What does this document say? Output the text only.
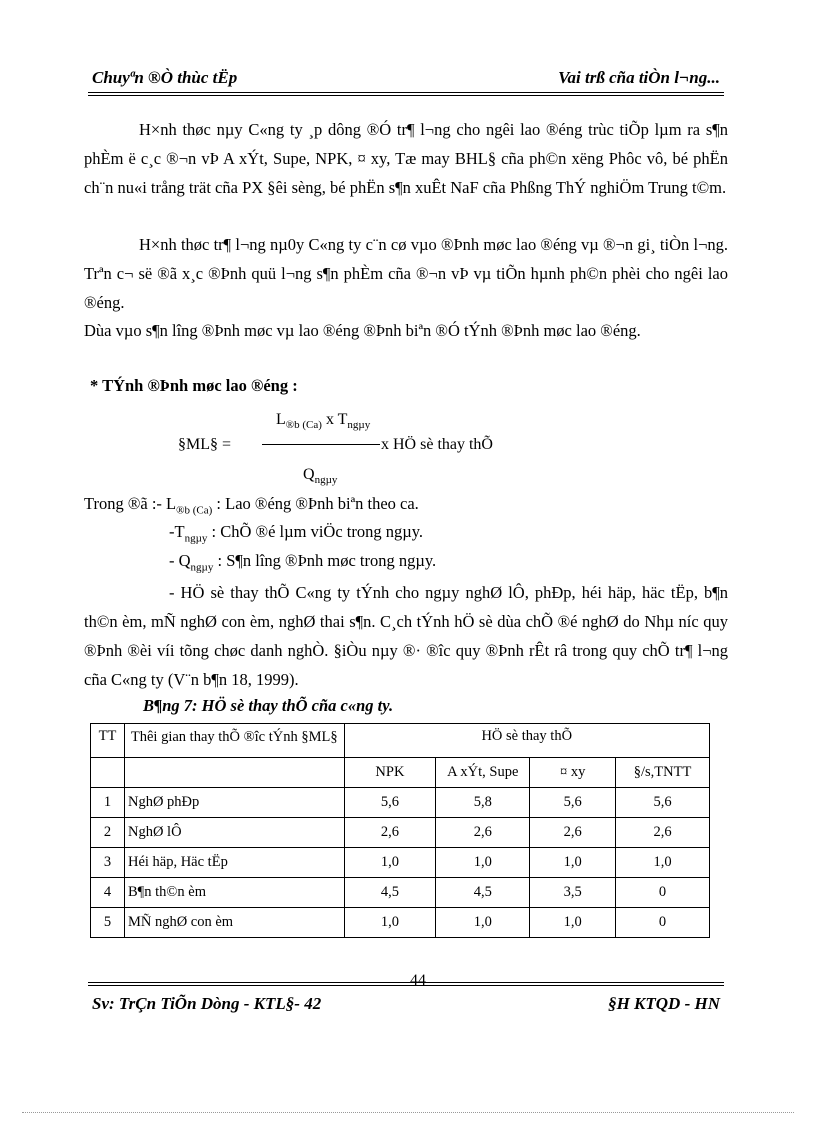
Chuyªn ®Ò thùc tËp	Vai trß cña tiÒn l¬ng...
H×nh thøc nµy C«ng ty ¸p dông ®Ó tr¶ l¬ng cho ngêi lao ®éng trùc tiÕp lµm ra s¶n phÈm ë c¸c ®¬n vÞ A xÝt, Supe, NPK, ¤ xy, Tæ may BHL§ cña ph©n xëng Phôc vô, bé phËn ch¨n nu«i trång trät cña PX §êi sèng, bé phËn s¶n xuÊt NaF cña Phßng ThÝ nghiÖm Trung t©m.
H×nh thøc tr¶ l¬ng nµ0y C«ng ty c¨n cø vµo ®Þnh møc lao ®éng vµ ®¬n gi¸ tiÒn l¬ng. Trªn c¬ së ®ã x¸c ®Þnh quü l¬ng s¶n phÈm cña ®¬n vÞ vµ tiÕn hµnh ph©n phèi cho ngêi lao ®éng.
Dùa vµo s¶n lîng ®Þnh møc vµ lao ®éng ®Þnh biªn ®Ó tÝnh ®Þnh møc lao ®éng.
* TÝnh ®Þnh møc lao ®éng :
$L_{®b (Ca)}$ x $T_{ng\mu y}$
§ML§ =	x HÖ sè thay thÕ
$Q_{ng\mu y}$
Trong ®ã :- $L_{®b (Ca)}$ : Lao ®éng ®Þnh biªn theo ca.
$-T_{ng\mu y}$ : ChÕ ®é lµm viÖc trong ngµy.
- $Q_{ng\mu y}$ : S¶n lîng ®Þnh møc trong ngµy.
- HÖ sè thay thÕ C«ng ty tÝnh cho ngµy nghØ lÔ, phÐp, héi häp, häc tËp, b¶n th©n èm, mÑ nghØ con èm, nghØ thai s¶n. C¸ch tÝnh hÖ sè dùa chÕ ®é nghØ do Nhµ níc quy ®Þnh ®èi víi tõng chøc danh nghÒ. §iÒu nµy ®· ®îc quy ®Þnh rÊt râ trong quy chÕ tr¶ l¬ng cña C«ng ty (V¨n b¶n 18, 1999).
B¶ng 7: HÖ sè thay thÕ cña c«ng ty.
TT	Thêi gian thay thÕ ®îc tÝnh §ML§	HÖ sè thay thÕ			

		NPK	A xÝt, Supe	¤ xy	§/s,TNTT
1	NghØ phÐp	5,6	5,8	5,6	5,6
2	NghØ lÔ	2,6	2,6	2,6	2,6
3	Héi häp, Häc tËp	1,0	1,0	1,0	1,0
4	B¶n th©n èm	4,5	4,5	3,5	0
5	MÑ nghØ con èm	1,0	1,0	1,0	0
44
Sv: TrÇn TiÕn Dòng - KTL§- 42	§H KTQD - HN
